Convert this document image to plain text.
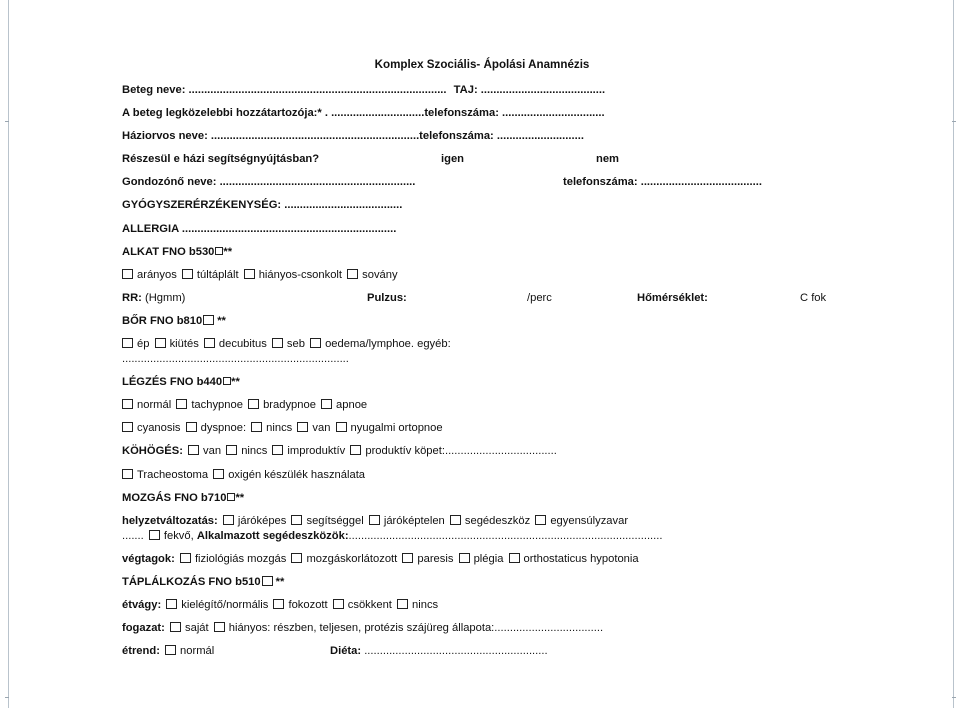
Komplex Szociális- Ápolási Anamnézis
Beteg neve: ................................................................................... TAJ: ........................................
A beteg legközelebbi hozzátartozója:* . ..............................telefonszáma: .................................
Háziorvos neve: ...................................................................telefonszáma: ............................
Részesül e házi segítségnyújtásban?	igen	nem
Gondozónő neve: ...............................................................	telefonszáma: .......................................
GYÓGYSZERÉRZÉKENYSÉG: ......................................
ALLERGIA .....................................................................
ALKAT FNO b530 **
arányos túltáplált hiányos-csonkolt sovány
RR: (Hgmm)	Pulzus:	/perc	Hőmérséklet:	C fok
BŐR FNO b810 **
ép kiütés decubitus seb oedema/lymphoe. egyéb:
.........................................................................
LÉGZÉS FNO b440 **
normál tachypnoe bradypnoe apnoe
cyanosis dyspnoe: nincs van nyugalmi ortopnoe
KÖHÖGÉS: van nincs improduktív produktív köpet:....................................
Tracheostoma oxigén készülék használata
MOZGÁS FNO b710 **
helyzetváltozatás: járóképes segítséggel járóképtelen segédeszköz egyensúlyzavar
....... fekvő, Alkalmazott segédeszközök:.....................................................................................................
végtagok: fiziológiás mozgás mozgáskorlátozott paresis plégia orthostaticus hypotonia
TÁPLÁLKOZÁS FNO b510 **
étvágy: kielégítő/normális fokozott csökkent nincs
fogazat: saját hiányos: részben, teljesen, protézis szájüreg állapota:...................................
étrend: normál	Diéta: ...........................................................
